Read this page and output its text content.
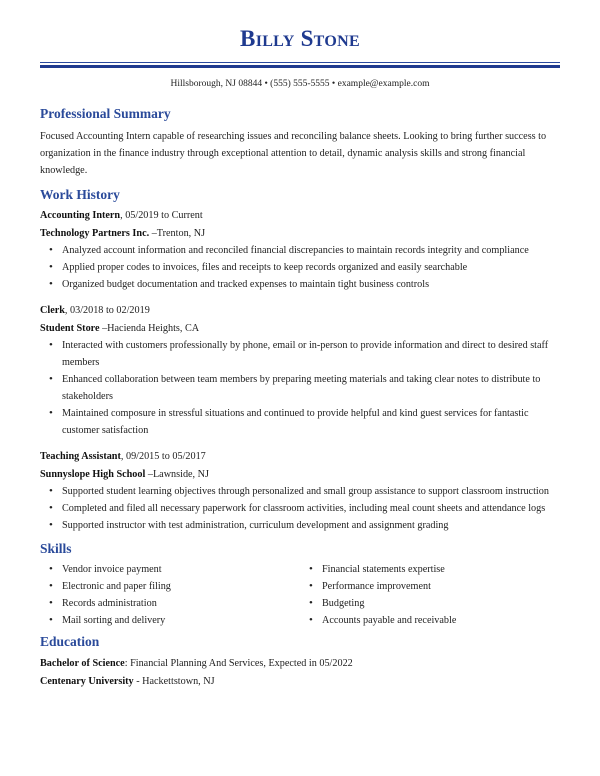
Billy Stone
Hillsborough, NJ 08844 • (555) 555-5555 • example@example.com
Professional Summary

Focused Accounting Intern capable of researching issues and reconciling balance sheets. Looking to bring further success to organization in the finance industry through exceptional attention to detail, dynamic analysis skills and strong financial knowledge.

Work History

Accounting Intern, 05/2019 to Current

Technology Partners Inc. –Trenton, NJ

• Analyzed account information and reconciled financial discrepancies to maintain records integrity and compliance
• Applied proper codes to invoices, files and receipts to keep records organized and easily searchable
• Organized budget documentation and tracked expenses to maintain tight business controls

Clerk, 03/2018 to 02/2019

Student Store –Hacienda Heights, CA

• Interacted with customers professionally by phone, email or in-person to provide information and direct to desired staff members
• Enhanced collaboration between team members by preparing meeting materials and taking clear notes to distribute to stakeholders
• Maintained composure in stressful situations and continued to provide helpful and kind guest services for fantastic customer satisfaction

Teaching Assistant, 09/2015 to 05/2017

Sunnyslope High School –Lawnside, NJ

• Supported student learning objectives through personalized and small group assistance to support classroom instruction
• Completed and filed all necessary paperwork for classroom activities, including meal count sheets and attendance logs
• Supported instructor with test administration, curriculum development and assignment grading
Skills
• Vendor invoice payment
• Electronic and paper filing
• Records administration
• Mail sorting and delivery
• Financial statements expertise
• Performance improvement
• Budgeting
• Accounts payable and receivable
Education

Bachelor of Science: Financial Planning And Services, Expected in 05/2022

Centenary University - Hackettstown, NJ
